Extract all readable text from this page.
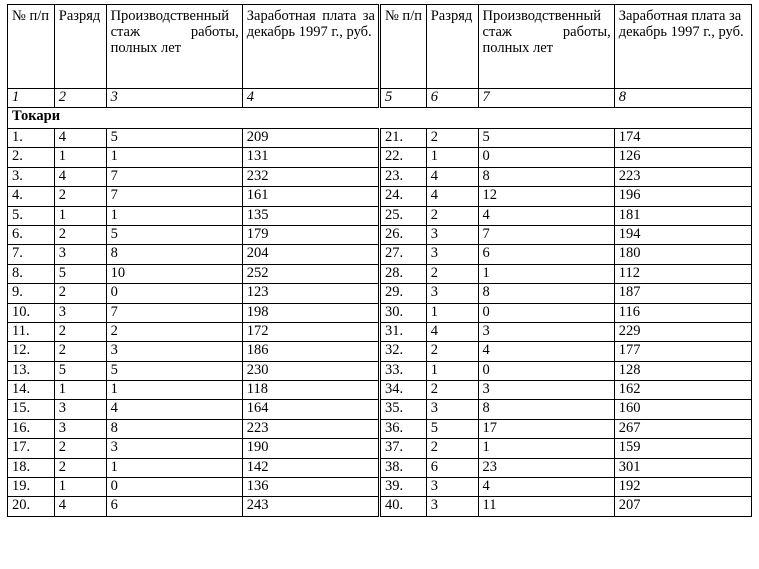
№ п/п	Разряд	Производственный стаж работы, полных лет	Заработная плата за декабрь 1997 г., руб.	№ п/п	Разряд	Производственный стаж работы, полных лет	Заработная плата за декабрь 1997 г., руб.
1	2	3	4	5	6	7	8
Токари							
1.	4	5	209	21.	2	5	174
2.	1	1	131	22.	1	0	126
3.	4	7	232	23.	4	8	223
4.	2	7	161	24.	4	12	196
5.	1	1	135	25.	2	4	181
6.	2	5	179	26.	3	7	194
7.	3	8	204	27.	3	6	180
8.	5	10	252	28.	2	1	112
9.	2	0	123	29.	3	8	187
10.	3	7	198	30.	1	0	116
11.	2	2	172	31.	4	3	229
12.	2	3	186	32.	2	4	177
13.	5	5	230	33.	1	0	128
14.	1	1	118	34.	2	3	162
15.	3	4	164	35.	3	8	160
16.	3	8	223	36.	5	17	267
17.	2	3	190	37.	2	1	159
18.	2	1	142	38.	6	23	301
19.	1	0	136	39.	3	4	192
20.	4	6	243	40.	3	11	207
